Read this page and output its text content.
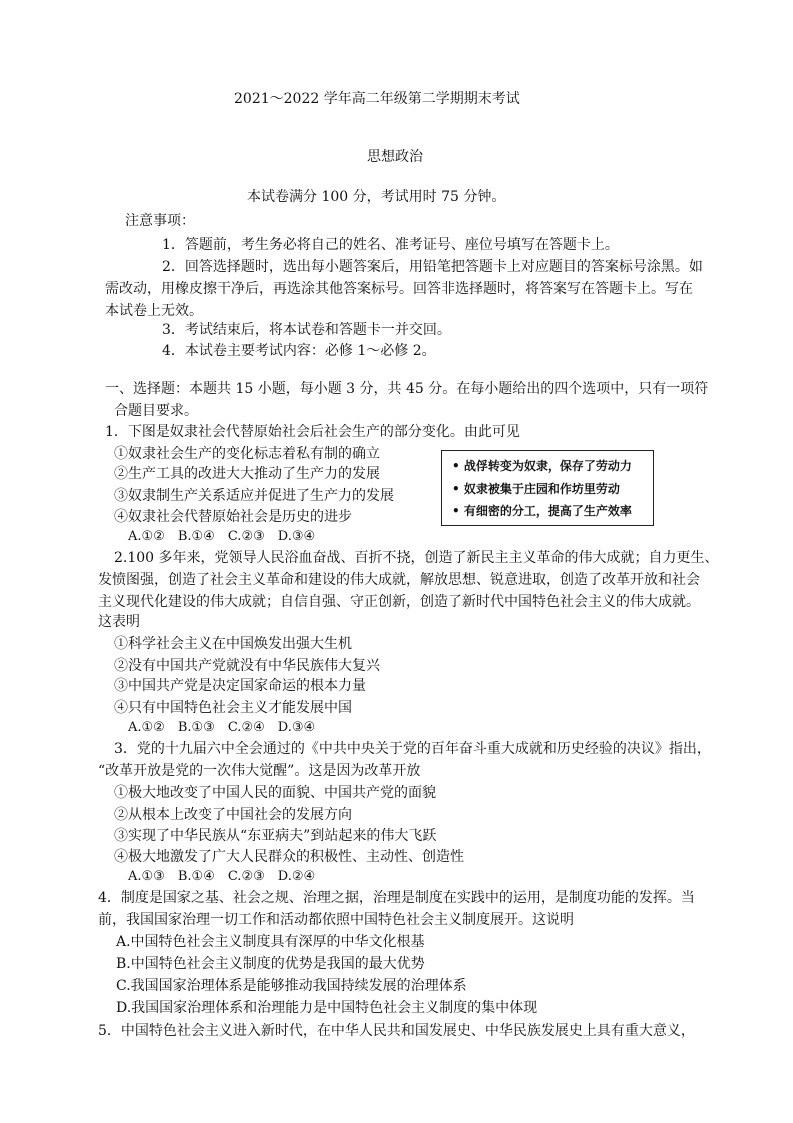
2021～2022 学年高二年级第二学期期末考试
思想政治
本试卷满分 100 分，考试用时 75 分钟。
注意事项：
1．答题前，考生务必将自己的姓名、准考证号、座位号填写在答题卡上。
2．回答选择题时，选出每小题答案后，用铅笔把答题卡上对应题目的答案标号涂黑。如
需改动，用橡皮擦干净后，再选涂其他答案标号。回答非选择题时，将答案写在答题卡上。写在
本试卷上无效。
3．考试结束后，将本试卷和答题卡一并交回。
4．本试卷主要考试内容：必修 1～必修 2。
一、选择题：本题共 15 小题，每小题 3 分，共 45 分。在每小题给出的四个选项中，只有一项符
合题目要求。
1．下图是奴隶社会代替原始社会后社会生产的部分变化。由此可见
①奴隶社会生产的变化标志着私有制的确立
②生产工具的改进大大推动了生产力的发展
③奴隶制生产关系适应并促进了生产力的发展
④奴隶社会代替原始社会是历史的进步
A.①②　B.①④　C.②③　D.③④
• 战俘转变为奴隶，保存了劳动力
• 奴隶被集于庄园和作坊里劳动
• 有细密的分工，提高了生产效率
2.100 多年来，党领导人民浴血奋战、百折不挠，创造了新民主主义革命的伟大成就；自力更生、
发愤图强，创造了社会主义革命和建设的伟大成就，解放思想、锐意进取，创造了改革开放和社会
主义现代化建设的伟大成就；自信自强、守正创新，创造了新时代中国特色社会主义的伟大成就。
这表明
①科学社会主义在中国焕发出强大生机
②没有中国共产党就没有中华民族伟大复兴
③中国共产党是决定国家命运的根本力量
④只有中国特色社会主义才能发展中国
A.①②　B.①③　C.②④　D.③④
3．党的十九届六中全会通过的《中共中央关于党的百年奋斗重大成就和历史经验的决议》指出，
“改革开放是党的一次伟大觉醒”。这是因为改革开放
①极大地改变了中国人民的面貌、中国共产党的面貌
②从根本上改变了中国社会的发展方向
③实现了中华民族从“东亚病夫”到站起来的伟大飞跃
④极大地激发了广大人民群众的积极性、主动性、创造性
A.①③　B.①④　C.②③　D.②④
4．制度是国家之基、社会之规、治理之据，治理是制度在实践中的运用，是制度功能的发挥。当
前，我国国家治理一切工作和活动都依照中国特色社会主义制度展开。这说明
A.中国特色社会主义制度具有深厚的中华文化根基
B.中国特色社会主义制度的优势是我国的最大优势
C.我国国家治理体系是能够推动我国持续发展的治理体系
D.我国国家治理体系和治理能力是中国特色社会主义制度的集中体现
5．中国特色社会主义进入新时代，在中华人民共和国发展史、中华民族发展史上具有重大意义，
